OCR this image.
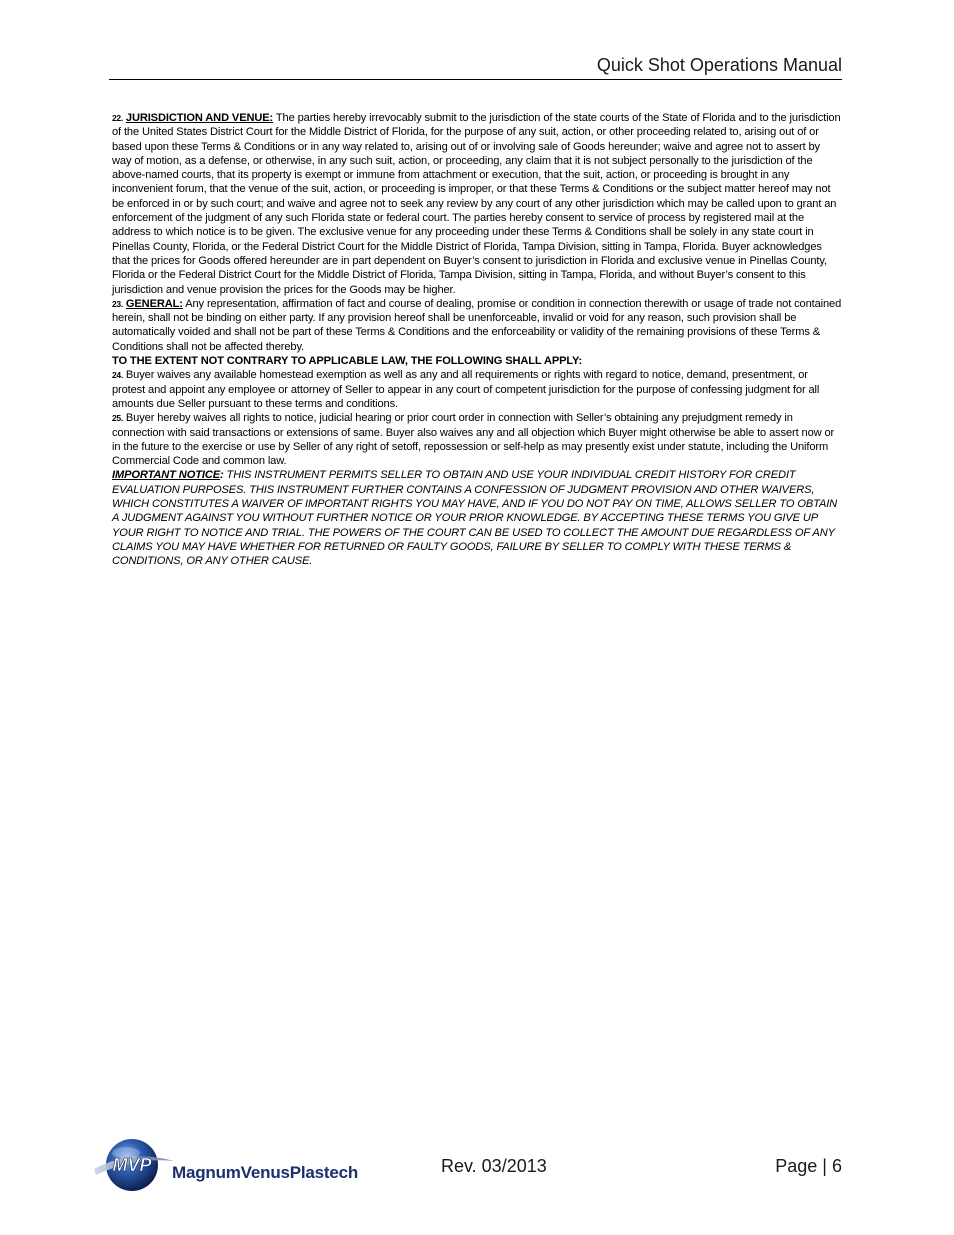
Quick Shot Operations Manual

22. JURISDICTION AND VENUE: The parties hereby irrevocably submit to the jurisdiction of the state courts of the State of Florida and to the jurisdiction of the United States District Court for the Middle District of Florida, for the purpose of any suit, action, or other proceeding related to, arising out of or based upon these Terms & Conditions or in any way related to, arising out of or involving sale of Goods hereunder; waive and agree not to assert by way of motion, as a defense, or otherwise, in any such suit, action, or proceeding, any claim that it is not subject personally to the jurisdiction of the above-named courts, that its property is exempt or immune from attachment or execution, that the suit, action, or proceeding is brought in any inconvenient forum, that the venue of the suit, action, or proceeding is improper, or that these Terms & Conditions or the subject matter hereof may not be enforced in or by such court; and waive and agree not to seek any review by any court of any other jurisdiction which may be called upon to grant an enforcement of the judgment of any such Florida state or federal court. The parties hereby consent to service of process by registered mail at the address to which notice is to be given. The exclusive venue for any proceeding under these Terms & Conditions shall be solely in any state court in Pinellas County, Florida, or the Federal District Court for the Middle District of Florida, Tampa Division, sitting in Tampa, Florida. Buyer acknowledges that the prices for Goods offered hereunder are in part dependent on Buyer’s consent to jurisdiction in Florida and exclusive venue in Pinellas County, Florida or the Federal District Court for the Middle District of Florida, Tampa Division, sitting in Tampa, Florida, and without Buyer’s consent to this jurisdiction and venue provision the prices for the Goods may be higher.

23. GENERAL: Any representation, affirmation of fact and course of dealing, promise or condition in connection therewith or usage of trade not contained herein, shall not be binding on either party. If any provision hereof shall be unenforceable, invalid or void for any reason, such provision shall be automatically voided and shall not be part of these Terms & Conditions and the enforceability or validity of the remaining provisions of these Terms & Conditions shall not be affected thereby.

TO THE EXTENT NOT CONTRARY TO APPLICABLE LAW, THE FOLLOWING SHALL APPLY:

24. Buyer waives any available homestead exemption as well as any and all requirements or rights with regard to notice, demand, presentment, or protest and appoint any employee or attorney of Seller to appear in any court of competent jurisdiction for the purpose of confessing judgment for all amounts due Seller pursuant to these terms and conditions.

25. Buyer hereby waives all rights to notice, judicial hearing or prior court order in connection with Seller’s obtaining any prejudgment remedy in connection with said transactions or extensions of same. Buyer also waives any and all objection which Buyer might otherwise be able to assert now or in the future to the exercise or use by Seller of any right of setoff, repossession or self-help as may presently exist under statute, including the Uniform Commercial Code and common law.

IMPORTANT NOTICE: THIS INSTRUMENT PERMITS SELLER TO OBTAIN AND USE YOUR INDIVIDUAL CREDIT HISTORY FOR CREDIT EVALUATION PURPOSES. THIS INSTRUMENT FURTHER CONTAINS A CONFESSION OF JUDGMENT PROVISION AND OTHER WAIVERS, WHICH CONSTITUTES A WAIVER OF IMPORTANT RIGHTS YOU MAY HAVE, AND IF YOU DO NOT PAY ON TIME, ALLOWS SELLER TO OBTAIN A JUDGMENT AGAINST YOU WITHOUT FURTHER NOTICE OR YOUR PRIOR KNOWLEDGE. BY ACCEPTING THESE TERMS YOU GIVE UP YOUR RIGHT TO NOTICE AND TRIAL. THE POWERS OF THE COURT CAN BE USED TO COLLECT THE AMOUNT DUE REGARDLESS OF ANY CLAIMS YOU MAY HAVE WHETHER FOR RETURNED OR FAULTY GOODS, FAILURE BY SELLER TO COMPLY WITH THESE TERMS & CONDITIONS, OR ANY OTHER CAUSE.

MVP MagnumVenusPlastech	Rev. 03/2013	Page | 6
